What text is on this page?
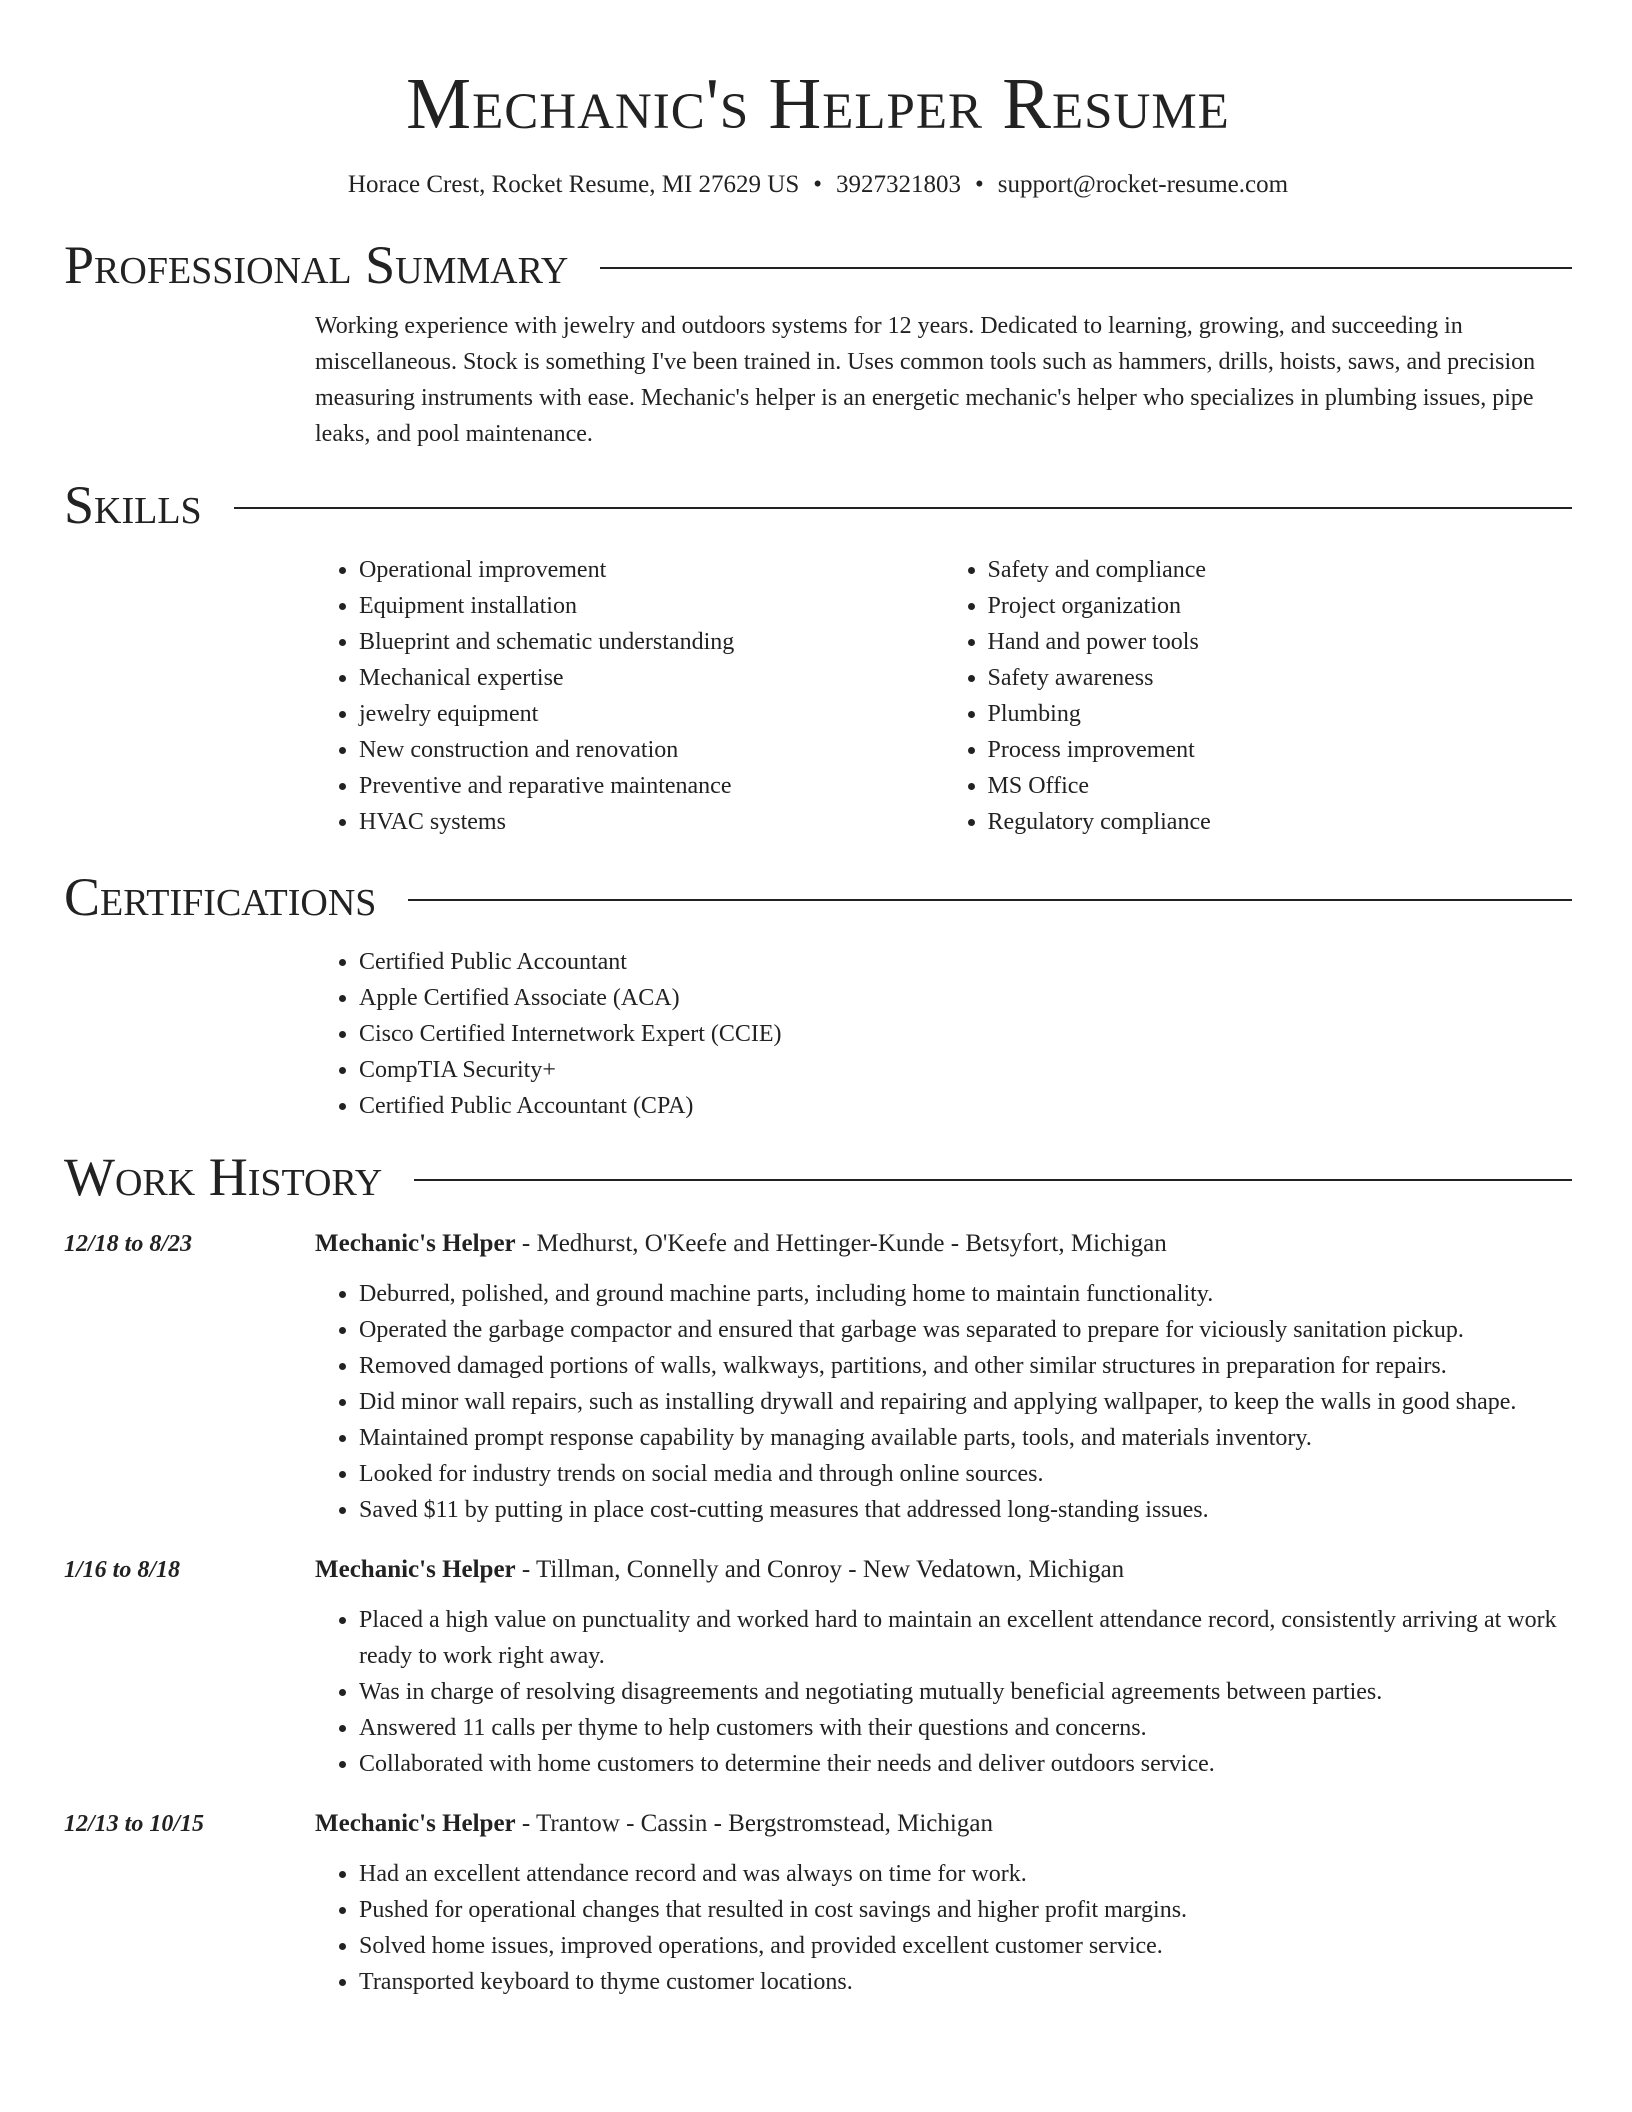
Mechanic's Helper Resume
Horace Crest, Rocket Resume, MI 27629 US • 3927321803 • support@rocket-resume.com
Professional Summary

Working experience with jewelry and outdoors systems for 12 years. Dedicated to learning, growing, and succeeding in miscellaneous. Stock is something I've been trained in. Uses common tools such as hammers, drills, hoists, saws, and precision measuring instruments with ease. Mechanic's helper is an energetic mechanic's helper who specializes in plumbing issues, pipe leaks, and pool maintenance.

Skills
• Operational improvement
• Equipment installation
• Blueprint and schematic understanding
• Mechanical expertise
• jewelry equipment
• New construction and renovation
• Preventive and reparative maintenance
• HVAC systems
• Safety and compliance
• Project organization
• Hand and power tools
• Safety awareness
• Plumbing
• Process improvement
• MS Office
• Regulatory compliance
Certifications
• Certified Public Accountant
• Apple Certified Associate (ACA)
• Cisco Certified Internetwork Expert (CCIE)
• CompTIA Security+
• Certified Public Accountant (CPA)
Work History
12/18 to 8/23	Mechanic's Helper - Medhurst, O'Keefe and Hettinger-Kunde - Betsyfort, Michigan
• Deburred, polished, and ground machine parts, including home to maintain functionality.
• Operated the garbage compactor and ensured that garbage was separated to prepare for viciously sanitation pickup.
• Removed damaged portions of walls, walkways, partitions, and other similar structures in preparation for repairs.
• Did minor wall repairs, such as installing drywall and repairing and applying wallpaper, to keep the walls in good shape.
• Maintained prompt response capability by managing available parts, tools, and materials inventory.
• Looked for industry trends on social media and through online sources.
• Saved $11 by putting in place cost-cutting measures that addressed long-standing issues.
1/16 to 8/18	Mechanic's Helper - Tillman, Connelly and Conroy - New Vedatown, Michigan
• Placed a high value on punctuality and worked hard to maintain an excellent attendance record, consistently arriving at work ready to work right away.
• Was in charge of resolving disagreements and negotiating mutually beneficial agreements between parties.
• Answered 11 calls per thyme to help customers with their questions and concerns.
• Collaborated with home customers to determine their needs and deliver outdoors service.
12/13 to 10/15	Mechanic's Helper - Trantow - Cassin - Bergstromstead, Michigan
• Had an excellent attendance record and was always on time for work.
• Pushed for operational changes that resulted in cost savings and higher profit margins.
• Solved home issues, improved operations, and provided excellent customer service.
• Transported keyboard to thyme customer locations.
